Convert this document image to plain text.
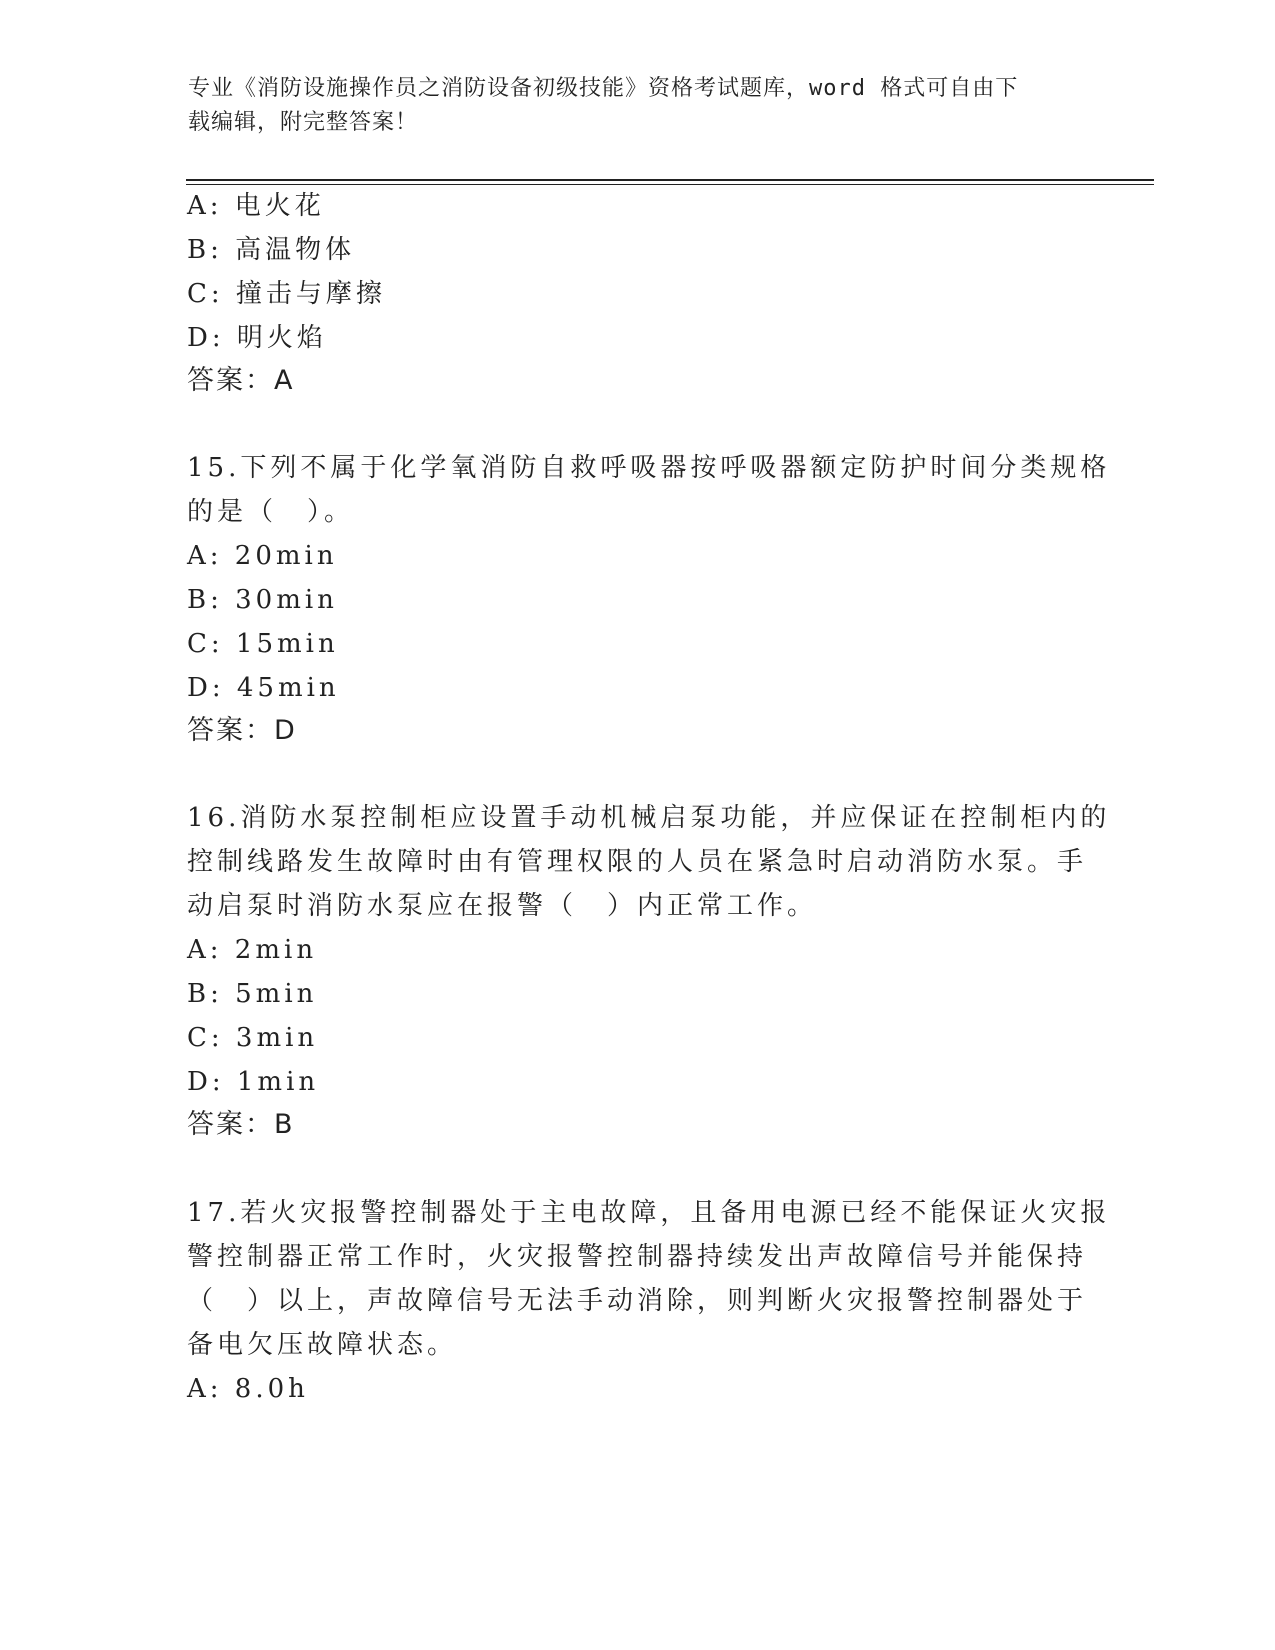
专业《消防设施操作员之消防设备初级技能》资格考试题库，word 格式可自由下
载编辑，附完整答案！
A: 电火花
B: 高温物体
C: 撞击与摩擦
D: 明火焰
答案：A
15.下列不属于化学氧消防自救呼吸器按呼吸器额定防护时间分类规格
的是（　）。
A: 20min
B: 30min
C: 15min
D: 45min
答案：D
16.消防水泵控制柜应设置手动机械启泵功能，并应保证在控制柜内的
控制线路发生故障时由有管理权限的人员在紧急时启动消防水泵。手
动启泵时消防水泵应在报警（　）内正常工作。
A: 2min
B: 5min
C: 3min
D: 1min
答案：B
17.若火灾报警控制器处于主电故障，且备用电源已经不能保证火灾报
警控制器正常工作时，火灾报警控制器持续发出声故障信号并能保持
（　）以上，声故障信号无法手动消除，则判断火灾报警控制器处于
备电欠压故障状态。
A: 8.0h
